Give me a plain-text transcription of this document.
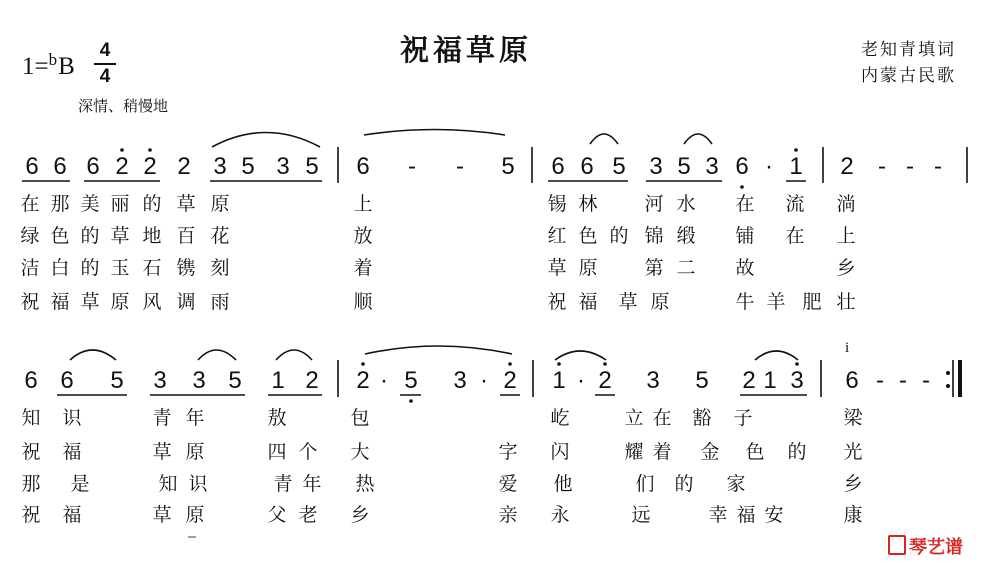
祝福草原	老知青填词
内蒙古民歌
1=$^b$B
4
4
深情、稍慢地
6 6 6 2 2 2 3 5 3 5 6 - - 5 6 6 5 3 5 3 6 · 1 2 - - -
在 那 美 丽 的 草 原	上	锡 林 河 水 在 流 淌
绿 色 的 草 地 百 花	放	红 色 的 锦 缎 铺 在 上
洁 白 的 玉 石 镌 刻	着	草 原 第 二 故	乡
祝 福 草 原 风 调 雨	顺	祝 福 草 原	牛 羊 肥 壮
6 6 5 3 3 5 1 2 2 · 5 3 · 2 1 · 2 3 5 2 1 3 6 - - -
i
知 识	青 年	敖	包	屹	立 在 豁 子	梁
祝 福	草 原	四 个 大	字 闪	耀 着 金 色 的 光
那 是	知 识	青 年 热	爱 他	们 的 家	乡
祝 福	草 原	父 老 乡	亲 永	远	幸 福 安	康
琴艺谱
